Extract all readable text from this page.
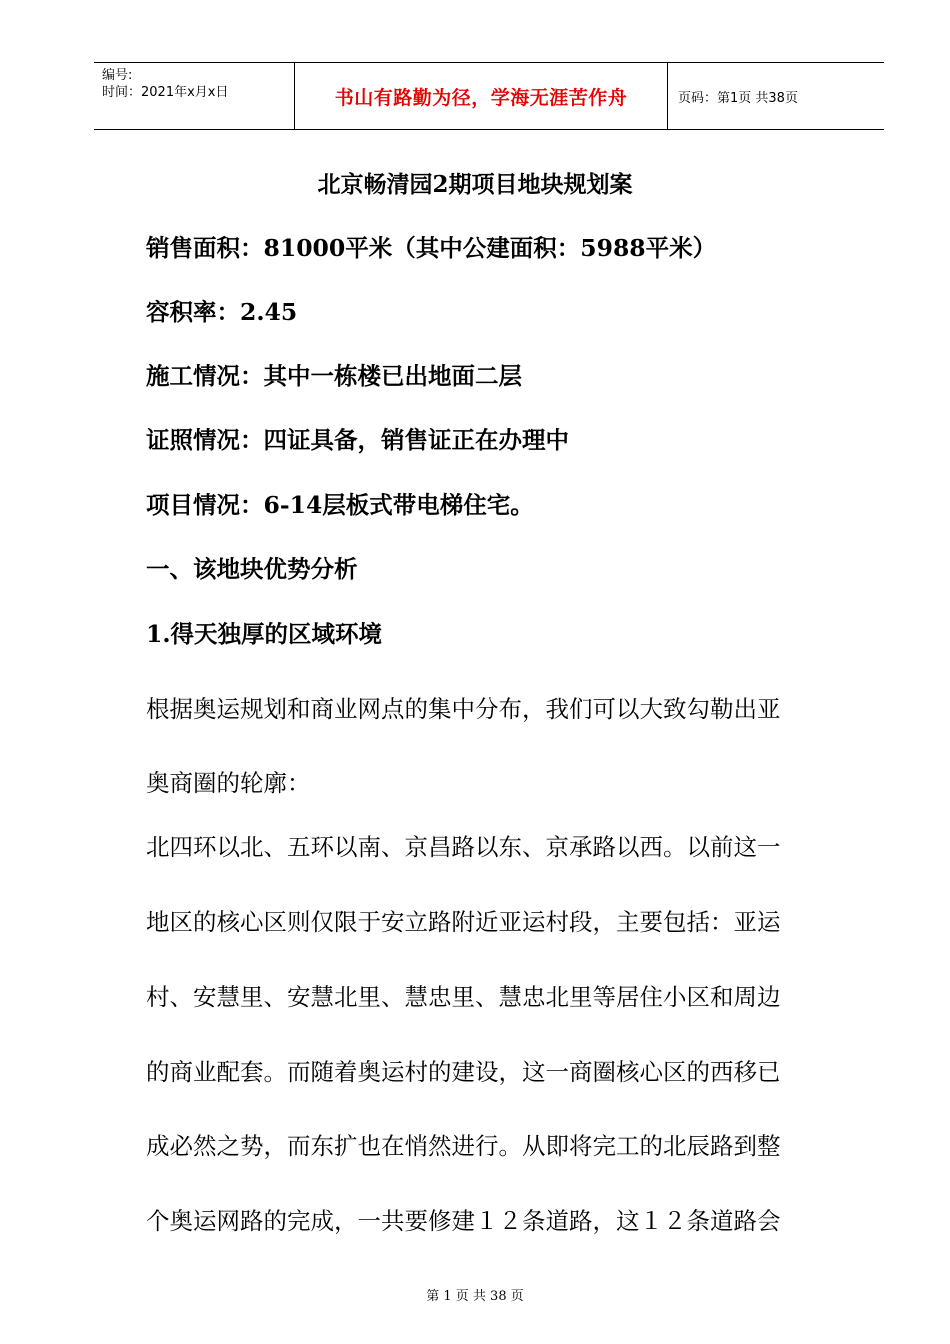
编号:
时间：2021年x月x日	书山有路勤为径，学海无涯苦作舟	页码：第1页 共38页
北京畅清园2期项目地块规划案
销售面积：81000平米（其中公建面积：5988平米）
容积率：2.45
施工情况：其中一栋楼已出地面二层
证照情况：四证具备，销售证正在办理中
项目情况：6-14层板式带电梯住宅。
一、该地块优势分析
1.得天独厚的区域环境
根据奥运规划和商业网点的集中分布，我们可以大致勾勒出亚
奥商圈的轮廓：
北四环以北、五环以南、京昌路以东、京承路以西。以前这一
地区的核心区则仅限于安立路附近亚运村段，主要包括：亚运
村、安慧里、安慧北里、慧忠里、慧忠北里等居住小区和周边
的商业配套。而随着奥运村的建设，这一商圈核心区的西移已
成必然之势，而东扩也在悄然进行。从即将完工的北辰路到整
个奥运网路的完成，一共要修建１２条道路，这１２条道路会
第 1 页 共 38 页
